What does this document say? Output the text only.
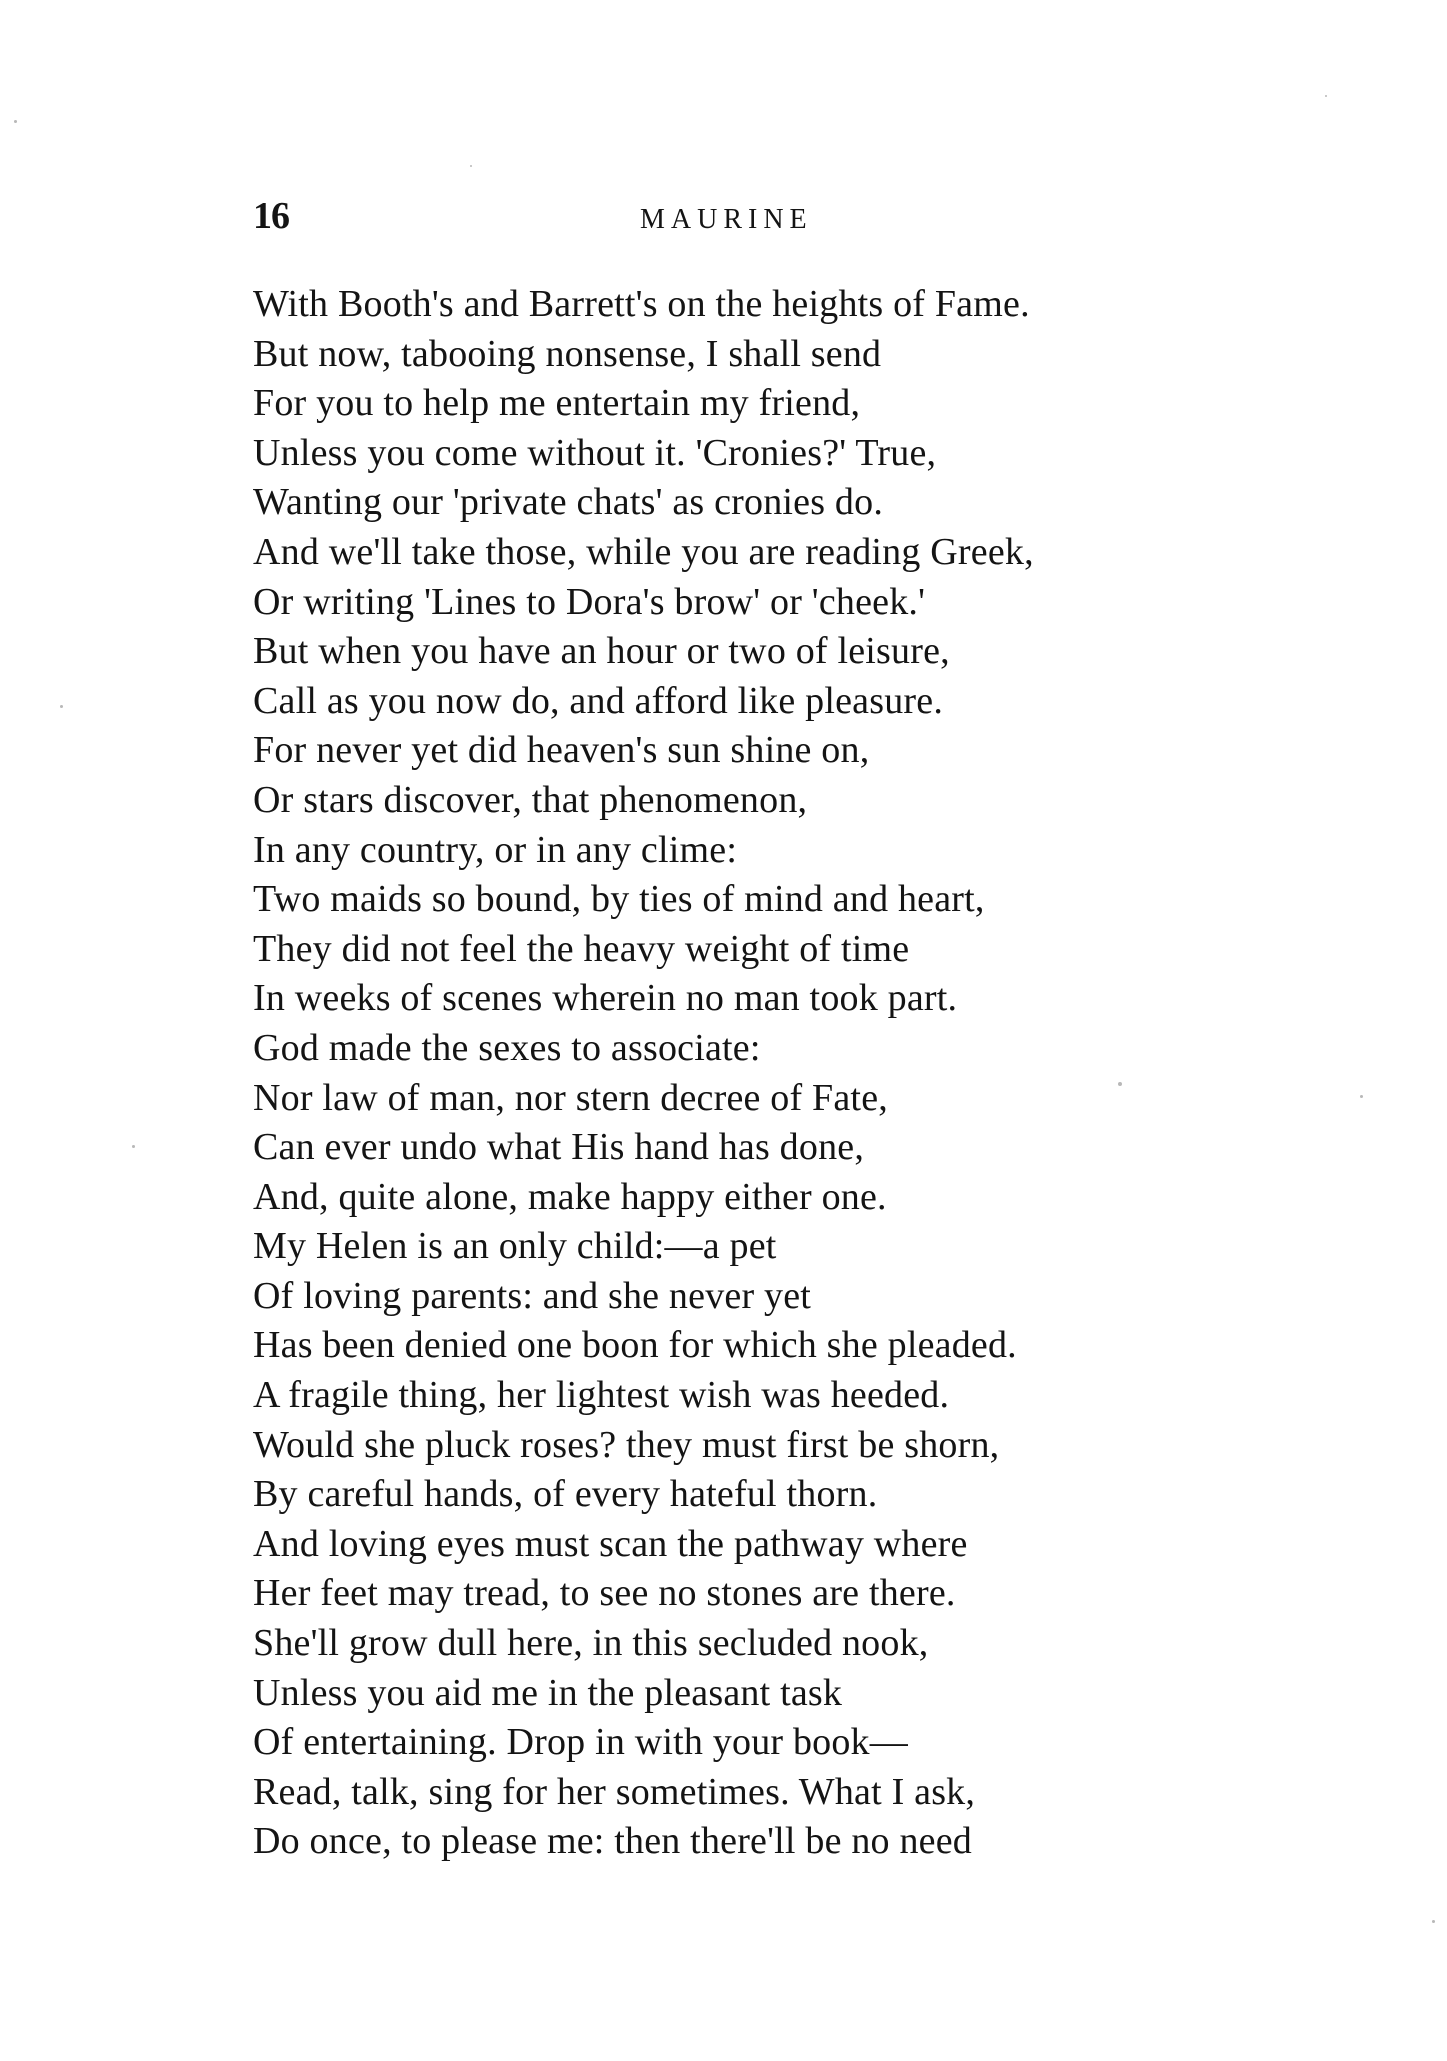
16	MAURINE
With Booth's and Barrett's on the heights of Fame.
But now, tabooing nonsense, I shall send
For you to help me entertain my friend,
Unless you come without it. 'Cronies?' True,
Wanting our 'private chats' as cronies do.
And we'll take those, while you are reading Greek,
Or writing 'Lines to Dora's brow' or 'cheek.'
But when you have an hour or two of leisure,
Call as you now do, and afford like pleasure.
For never yet did heaven's sun shine on,
Or stars discover, that phenomenon,
In any country, or in any clime:
Two maids so bound, by ties of mind and heart,
They did not feel the heavy weight of time
In weeks of scenes wherein no man took part.
God made the sexes to associate:
Nor law of man, nor stern decree of Fate,
Can ever undo what His hand has done,
And, quite alone, make happy either one.
My Helen is an only child:—a pet
Of loving parents: and she never yet
Has been denied one boon for which she pleaded.
A fragile thing, her lightest wish was heeded.
Would she pluck roses? they must first be shorn,
By careful hands, of every hateful thorn.
And loving eyes must scan the pathway where
Her feet may tread, to see no stones are there.
She'll grow dull here, in this secluded nook,
Unless you aid me in the pleasant task
Of entertaining. Drop in with your book—
Read, talk, sing for her sometimes. What I ask,
Do once, to please me: then there'll be no need
